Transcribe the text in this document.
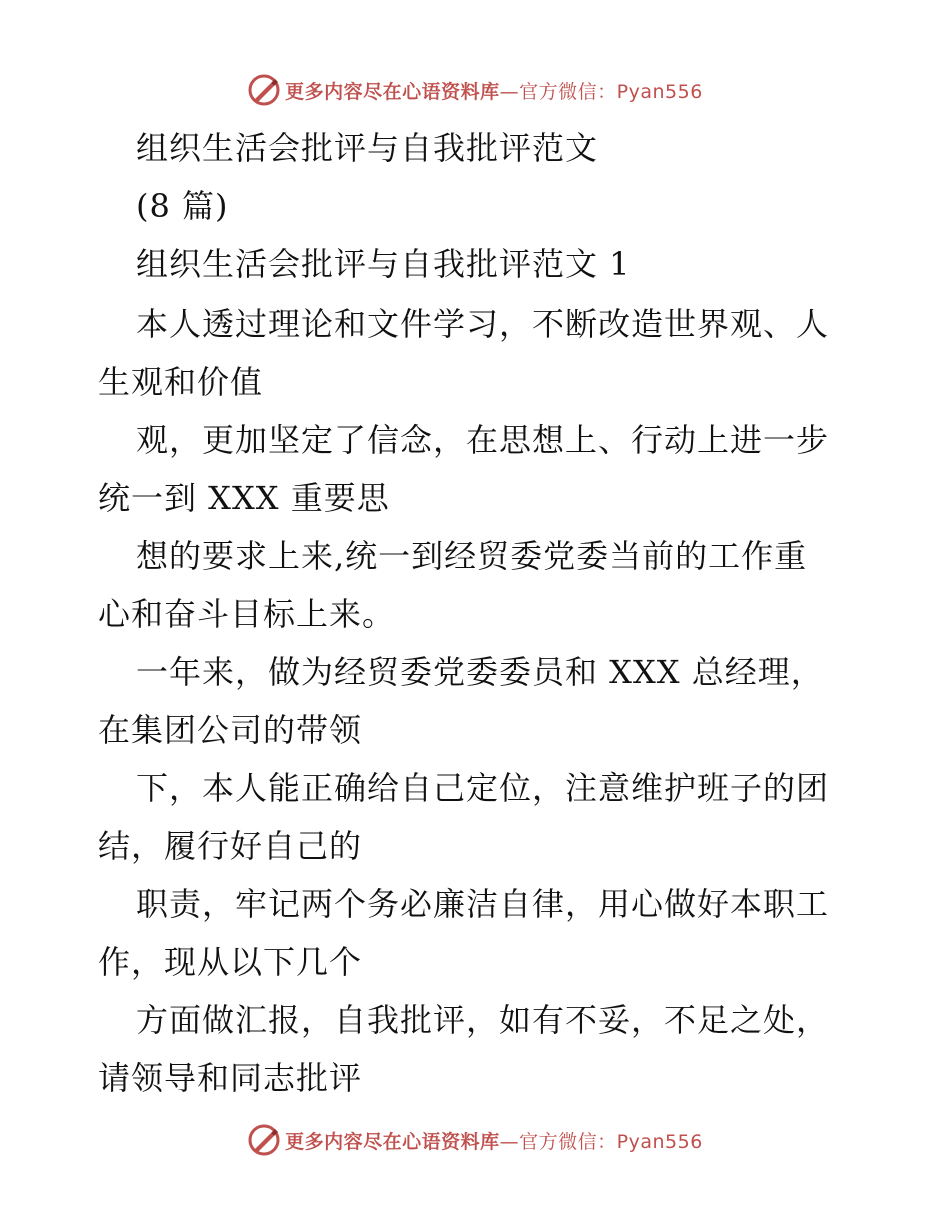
更多内容尽在心语资料库—官方微信：Pyan556
组织生活会批评与自我批评范文
(8 篇)
组织生活会批评与自我批评范文 1
本人透过理论和文件学习，不断改造世界观、人
生观和价值
观，更加坚定了信念，在思想上、行动上进一步
统一到 XXX 重要思
想的要求上来,统一到经贸委党委当前的工作重
心和奋斗目标上来。
一年来，做为经贸委党委委员和 XXX 总经理，
在集团公司的带领
下，本人能正确给自己定位，注意维护班子的团
结，履行好自己的
职责，牢记两个务必廉洁自律，用心做好本职工
作，现从以下几个
方面做汇报，自我批评，如有不妥，不足之处，
请领导和同志批评
更多内容尽在心语资料库—官方微信：Pyan556
